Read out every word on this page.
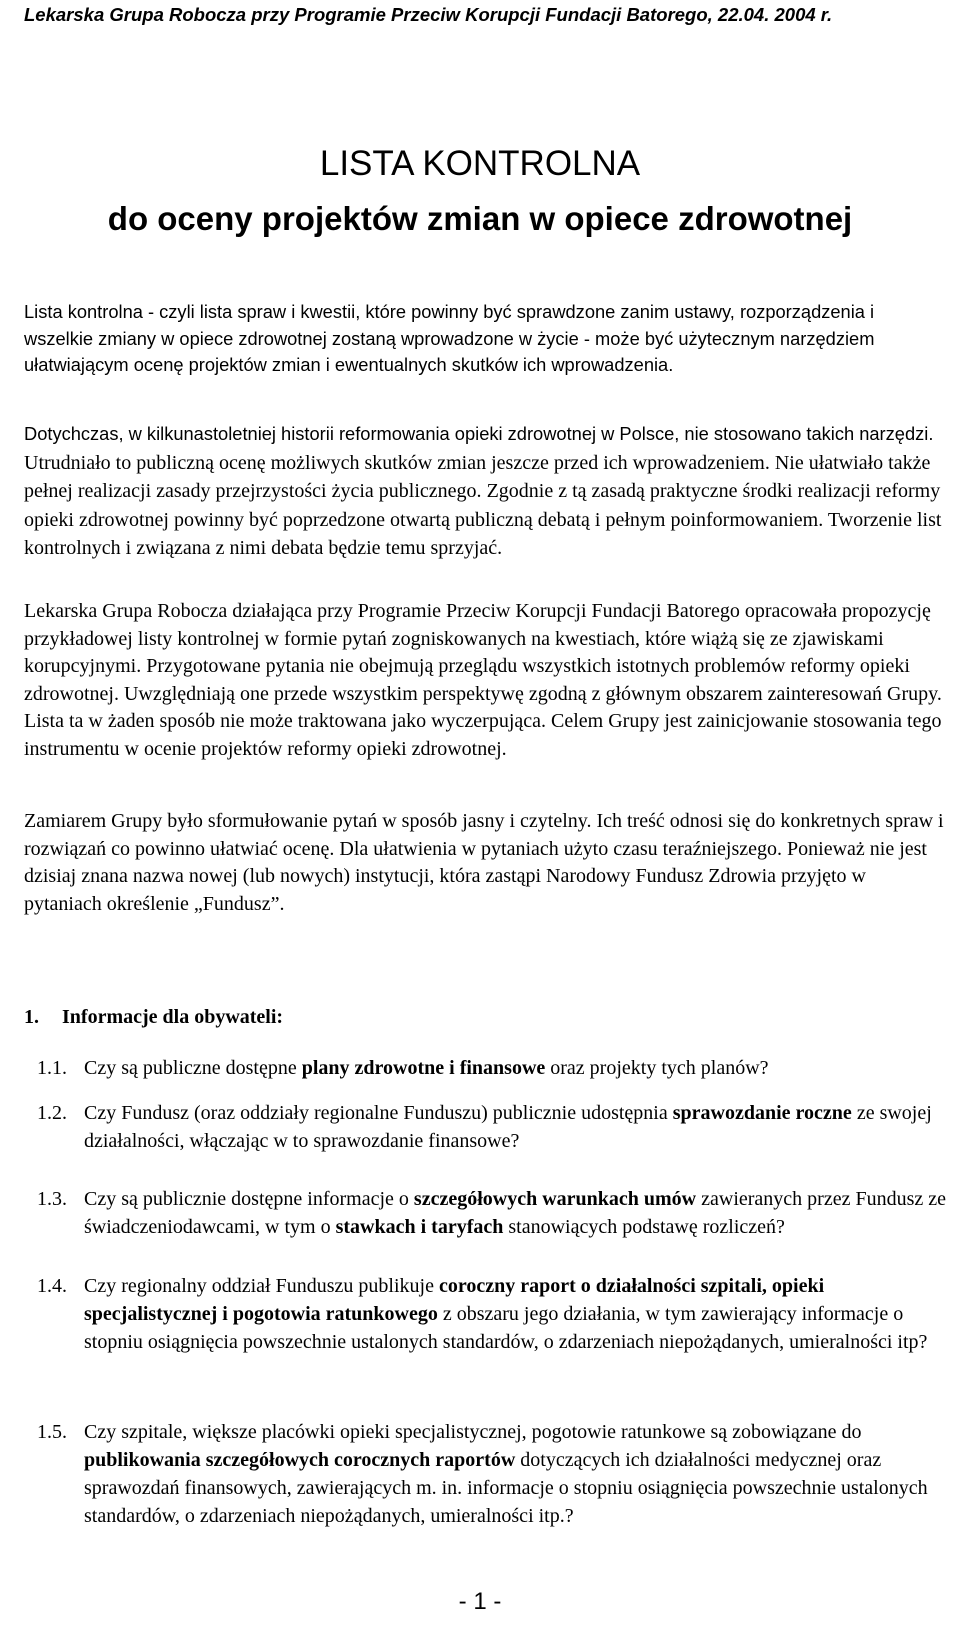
Lekarska Grupa Robocza przy Programie Przeciw Korupcji Fundacji Batorego, 22.04. 2004 r.
LISTA KONTROLNA
do oceny projektów zmian w opiece zdrowotnej

Lista kontrolna - czyli lista spraw i kwestii, które powinny być sprawdzone zanim ustawy, rozporządzenia i wszelkie zmiany w opiece zdrowotnej zostaną wprowadzone w życie - może być użytecznym narzędziem ułatwiającym ocenę projektów zmian i ewentualnych skutków ich wprowadzenia.

Dotychczas, w kilkunastoletniej historii reformowania opieki zdrowotnej w Polsce, nie stosowano takich narzędzi. Utrudniało to publiczną ocenę możliwych skutków zmian jeszcze przed ich wprowadzeniem. Nie ułatwiało także pełnej realizacji zasady przejrzystości życia publicznego. Zgodnie z tą zasadą praktyczne środki realizacji reformy opieki zdrowotnej powinny być poprzedzone otwartą publiczną debatą i pełnym poinformowaniem. Tworzenie list kontrolnych i związana z nimi debata będzie temu sprzyjać.

Lekarska Grupa Robocza działająca przy Programie Przeciw Korupcji Fundacji Batorego opracowała propozycję przykładowej listy kontrolnej w formie pytań zogniskowanych na kwestiach, które wiążą się ze zjawiskami korupcyjnymi. Przygotowane pytania nie obejmują przeglądu wszystkich istotnych problemów reformy opieki zdrowotnej. Uwzględniają one przede wszystkim perspektywę zgodną z głównym obszarem zainteresowań Grupy. Lista ta w żaden sposób nie może traktowana jako wyczerpująca. Celem Grupy jest zainicjowanie stosowania tego instrumentu w ocenie projektów reformy opieki zdrowotnej.

Zamiarem Grupy było sformułowanie pytań w sposób jasny i czytelny. Ich treść odnosi się do konkretnych spraw i rozwiązań co powinno ułatwiać ocenę. Dla ułatwienia w pytaniach użyto czasu teraźniejszego. Ponieważ nie jest dzisiaj znana nazwa nowej (lub nowych) instytucji, która zastąpi Narodowy Fundusz Zdrowia przyjęto w pytaniach określenie „Fundusz”.

1. Informacje dla obywateli:
1.1. Czy są publiczne dostępne plany zdrowotne i finansowe oraz projekty tych planów?
1.2. Czy Fundusz (oraz oddziały regionalne Funduszu) publicznie udostępnia sprawozdanie roczne ze swojej działalności, włączając w to sprawozdanie finansowe?
1.3. Czy są publicznie dostępne informacje o szczegółowych warunkach umów zawieranych przez Fundusz ze świadczeniodawcami, w tym o stawkach i taryfach stanowiących podstawę rozliczeń?
1.4. Czy regionalny oddział Funduszu publikuje coroczny raport o działalności szpitali, opieki specjalistycznej i pogotowia ratunkowego z obszaru jego działania, w tym zawierający informacje o stopniu osiągnięcia powszechnie ustalonych standardów, o zdarzeniach niepożądanych, umieralności itp?
1.5. Czy szpitale, większe placówki opieki specjalistycznej, pogotowie ratunkowe są zobowiązane do publikowania szczegółowych corocznych raportów dotyczących ich działalności medycznej oraz sprawozdań finansowych, zawierających m. in. informacje o stopniu osiągnięcia powszechnie ustalonych standardów, o zdarzeniach niepożądanych, umieralności itp.?
- 1 -
